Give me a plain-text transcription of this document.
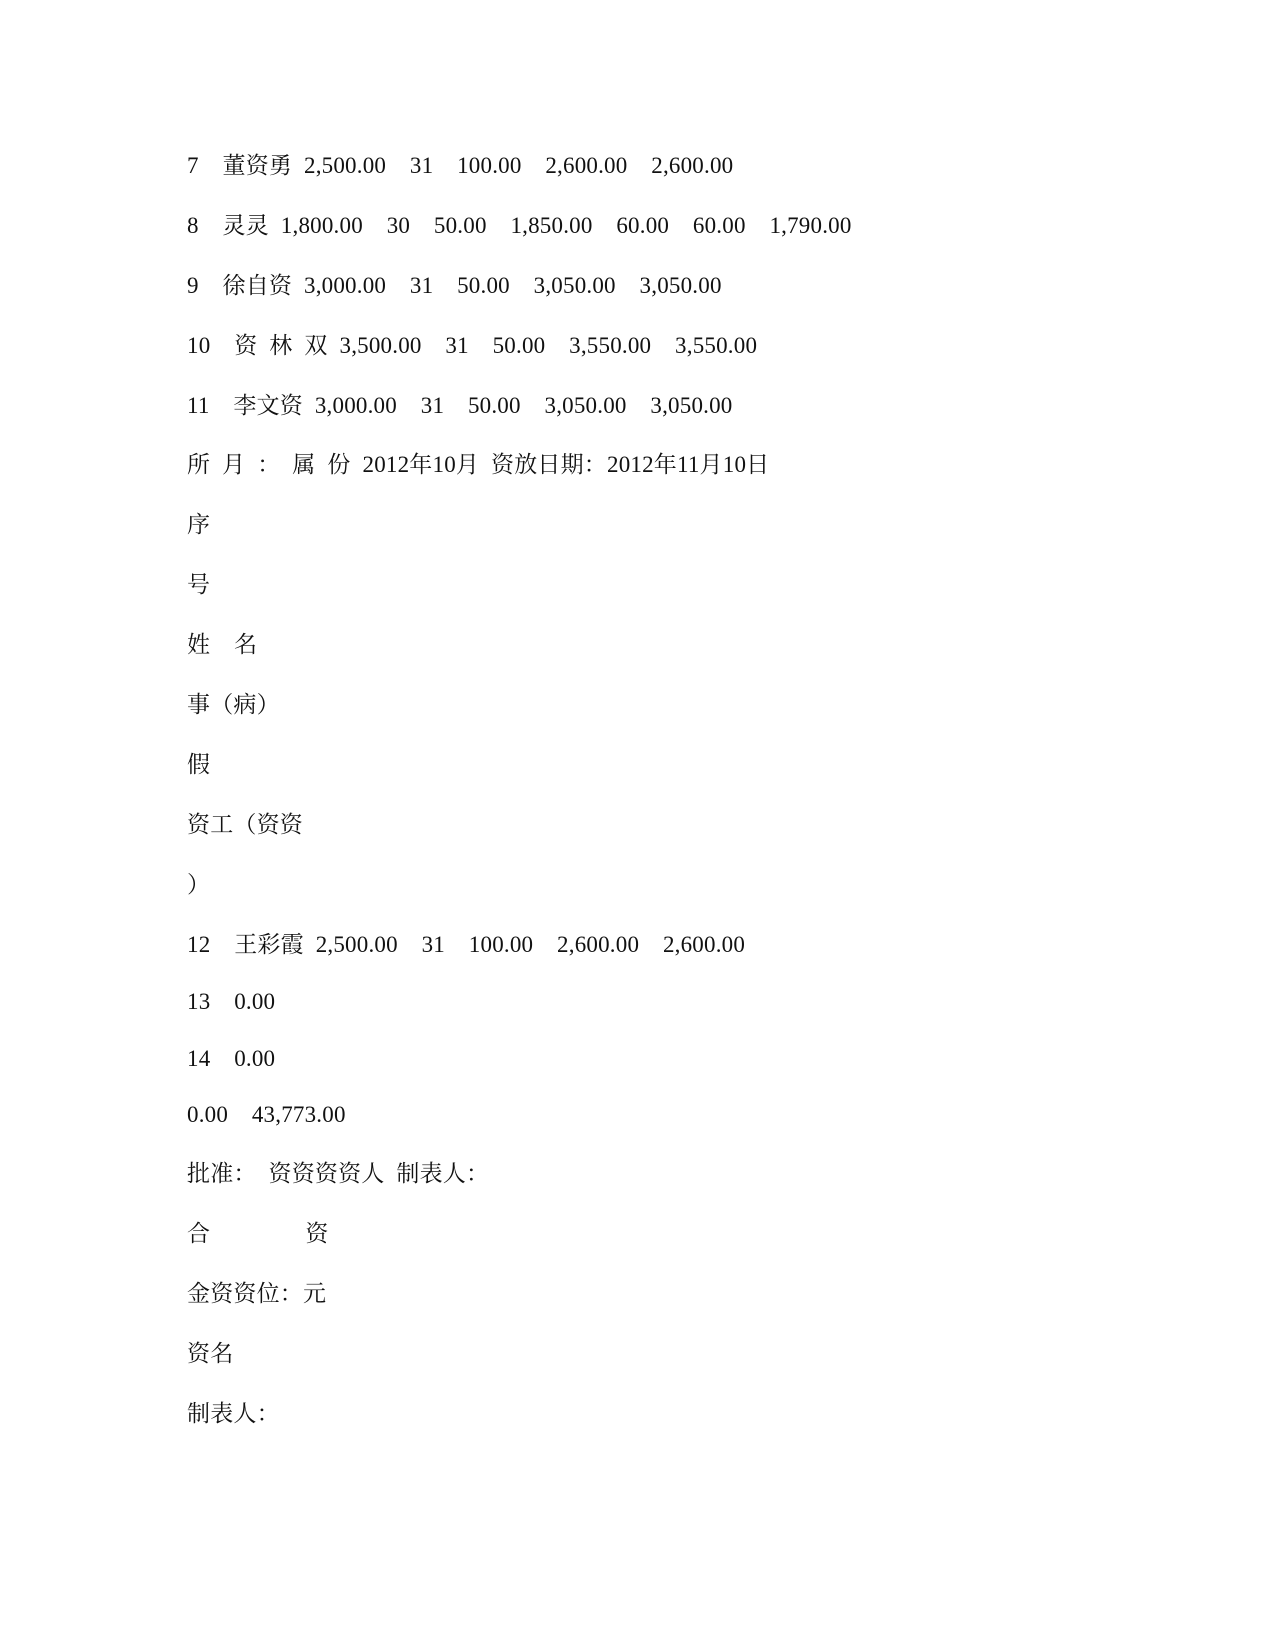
7    董资勇  2,500.00    31    100.00    2,600.00    2,600.00
8    灵灵  1,800.00    30    50.00    1,850.00    60.00    60.00    1,790.00
9    徐自资  3,000.00    31    50.00    3,050.00    3,050.00
10    资  林  双  3,500.00    31    50.00    3,550.00    3,550.00
11    李文资  3,000.00    31    50.00    3,050.00    3,050.00
所  月  ：  属  份  2012年10月  资放日期：2012年11月10日
序
号
姓    名
事（病）
假
资工（资资
）
12    王彩霞  2,500.00    31    100.00    2,600.00    2,600.00
13    0.00
14    0.00
0.00    43,773.00
批准：  资资资资人  制表人：
合                资
金资资位：元
资名
制表人：
